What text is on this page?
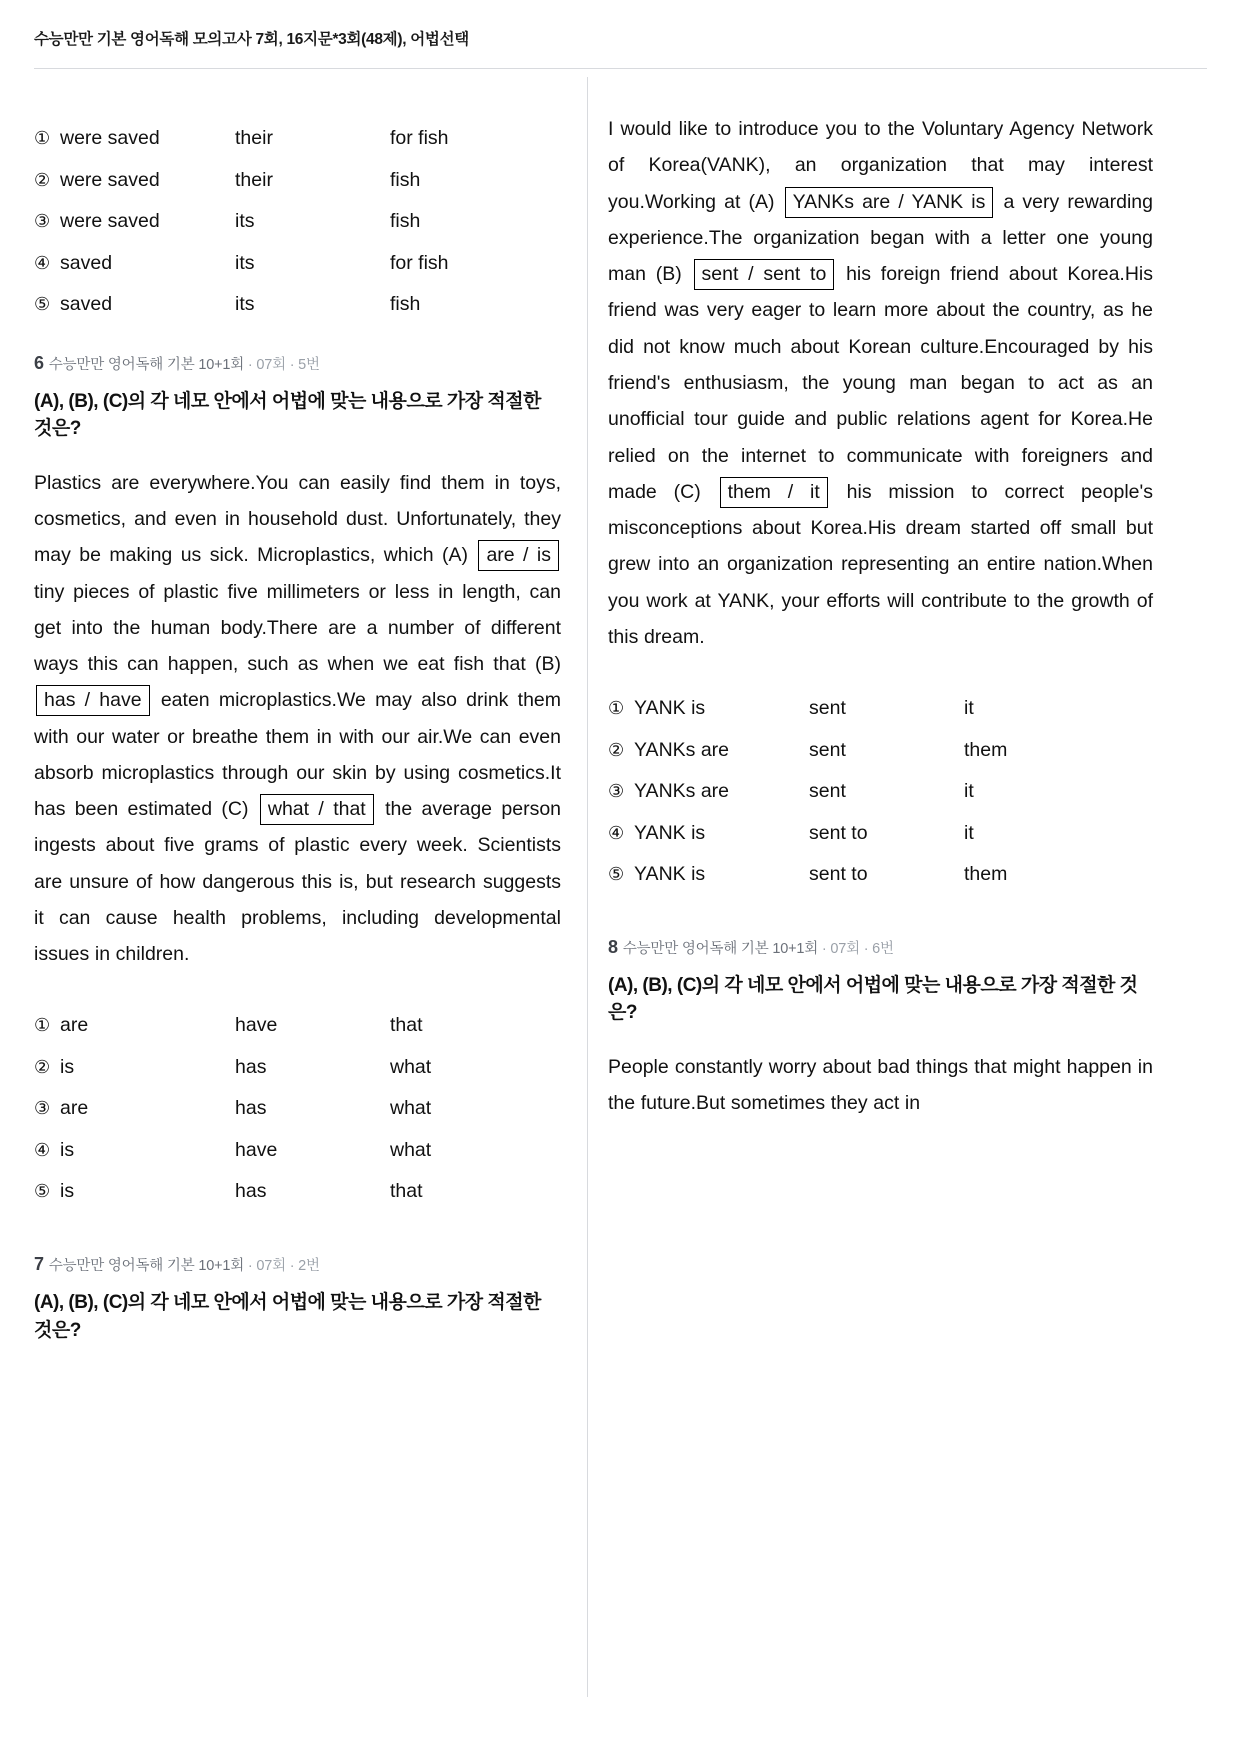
수능만만 기본 영어독해 모의고사 7회, 16지문*3회(48제), 어법선택
① were saved	their	for fish
② were saved	their	fish
③ were saved	its	fish
④ saved	its	for fish
⑤ saved	its	fish
6 수능만만 영어독해 기본 10+1회 · 07회 · 5번
(A), (B), (C)의 각 네모 안에서 어법에 맞는 내용으로 가장 적절한 것은?
Plastics are everywhere.You can easily find them in toys, cosmetics, and even in household dust. Unfortunately, they may be making us sick. Microplastics, which (A) are / is tiny pieces of plastic five millimeters or less in length, can get into the human body.There are a number of different ways this can happen, such as when we eat fish that (B) has / have eaten microplastics.We may also drink them with our water or breathe them in with our air.We can even absorb microplastics through our skin by using cosmetics.It has been estimated (C) what / that the average person ingests about five grams of plastic every week. Scientists are unsure of how dangerous this is, but research suggests it can cause health problems, including developmental issues in children.
① are	have	that
② is	has	what
③ are	has	what
④ is	have	what
⑤ is	has	that
7 수능만만 영어독해 기본 10+1회 · 07회 · 2번
(A), (B), (C)의 각 네모 안에서 어법에 맞는 내용으로 가장 적절한 것은?
I would like to introduce you to the Voluntary Agency Network of Korea(VANK), an organization that may interest you.Working at (A) YANKs are / YANK is a very rewarding experience.The organization began with a letter one young man (B) sent / sent to his foreign friend about Korea.His friend was very eager to learn more about the country, as he did not know much about Korean culture.Encouraged by his friend's enthusiasm, the young man began to act as an unofficial tour guide and public relations agent for Korea.He relied on the internet to communicate with foreigners and made (C) them / it his mission to correct people's misconceptions about Korea.His dream started off small but grew into an organization representing an entire nation.When you work at YANK, your efforts will contribute to the growth of this dream.
① YANK is	sent	it
② YANKs are	sent	them
③ YANKs are	sent	it
④ YANK is	sent to	it
⑤ YANK is	sent to	them
8 수능만만 영어독해 기본 10+1회 · 07회 · 6번
(A), (B), (C)의 각 네모 안에서 어법에 맞는 내용으로 가장 적절한 것은?
People constantly worry about bad things that might happen in the future.But sometimes they act in
